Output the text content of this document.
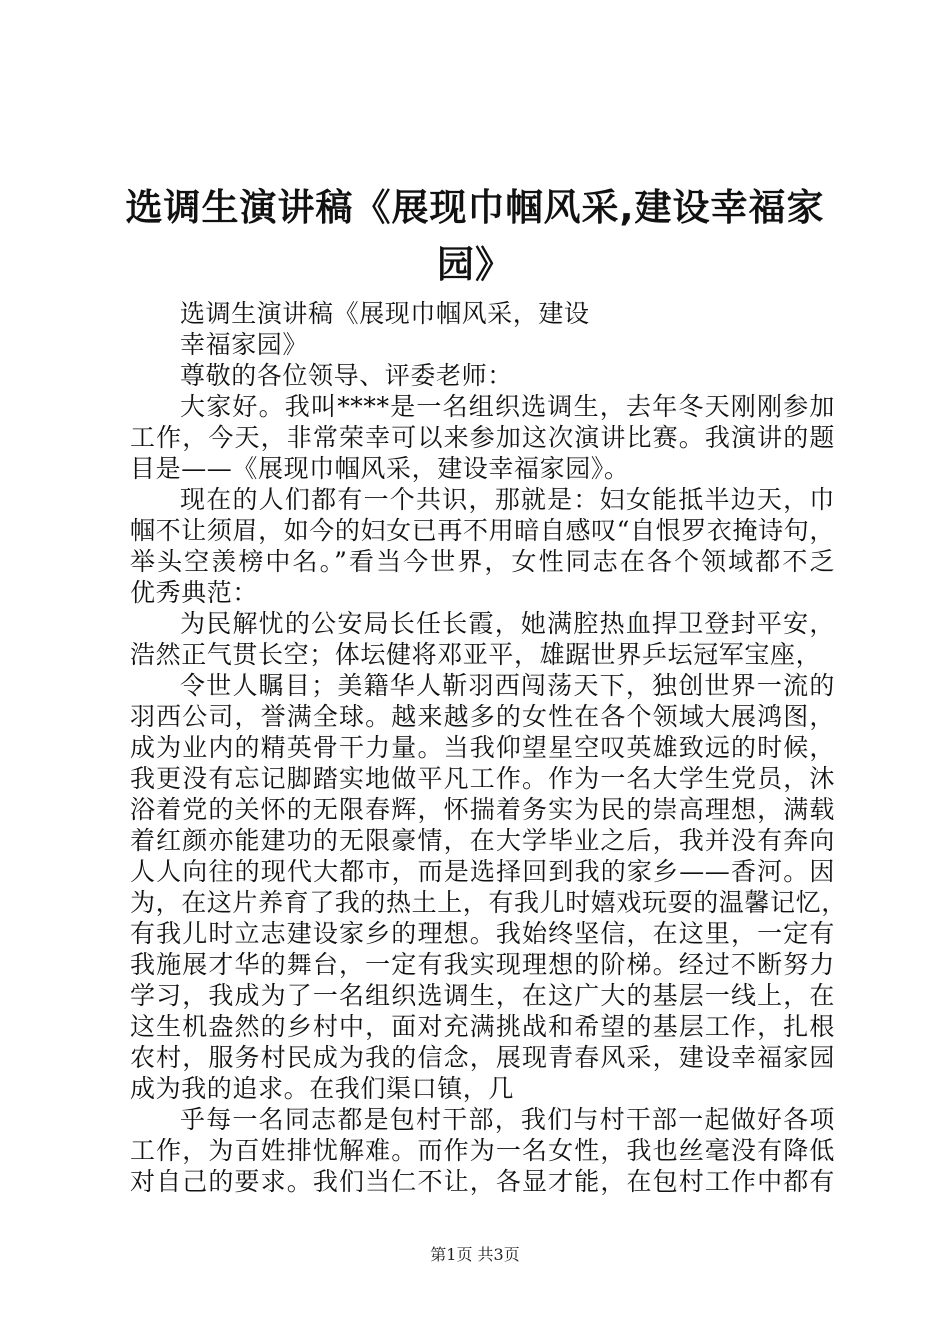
选调生演讲稿《展现巾帼风采,建设幸福家
园》
选调生演讲稿《展现巾帼风采，建设
幸福家园》
尊敬的各位领导、评委老师：
大家好。我叫****是一名组织选调生，去年冬天刚刚参加
工作，今天，非常荣幸可以来参加这次演讲比赛。我演讲的题
目是——《展现巾帼风采，建设幸福家园》。
现在的人们都有一个共识，那就是：妇女能抵半边天，巾
帼不让须眉，如今的妇女已再不用暗自感叹“自恨罗衣掩诗句，
举头空羡榜中名。”看当今世界，女性同志在各个领域都不乏
优秀典范：
为民解忧的公安局长任长霞，她满腔热血捍卫登封平安，
浩然正气贯长空；体坛健将邓亚平，雄踞世界乒坛冠军宝座，
令世人瞩目；美籍华人靳羽西闯荡天下，独创世界一流的
羽西公司，誉满全球。越来越多的女性在各个领域大展鸿图，
成为业内的精英骨干力量。当我仰望星空叹英雄致远的时候，
我更没有忘记脚踏实地做平凡工作。作为一名大学生党员，沐
浴着党的关怀的无限春辉，怀揣着务实为民的崇高理想，满载
着红颜亦能建功的无限豪情，在大学毕业之后，我并没有奔向
人人向往的现代大都市，而是选择回到我的家乡——香河。因
为，在这片养育了我的热土上，有我儿时嬉戏玩耍的温馨记忆，
有我儿时立志建设家乡的理想。我始终坚信，在这里，一定有
我施展才华的舞台，一定有我实现理想的阶梯。经过不断努力
学习，我成为了一名组织选调生，在这广大的基层一线上，在
这生机盎然的乡村中，面对充满挑战和希望的基层工作，扎根
农村，服务村民成为我的信念，展现青春风采，建设幸福家园
成为我的追求。在我们渠口镇，几
乎每一名同志都是包村干部，我们与村干部一起做好各项
工作，为百姓排忧解难。而作为一名女性，我也丝毫没有降低
对自己的要求。我们当仁不让，各显才能，在包村工作中都有
第1页 共3页
